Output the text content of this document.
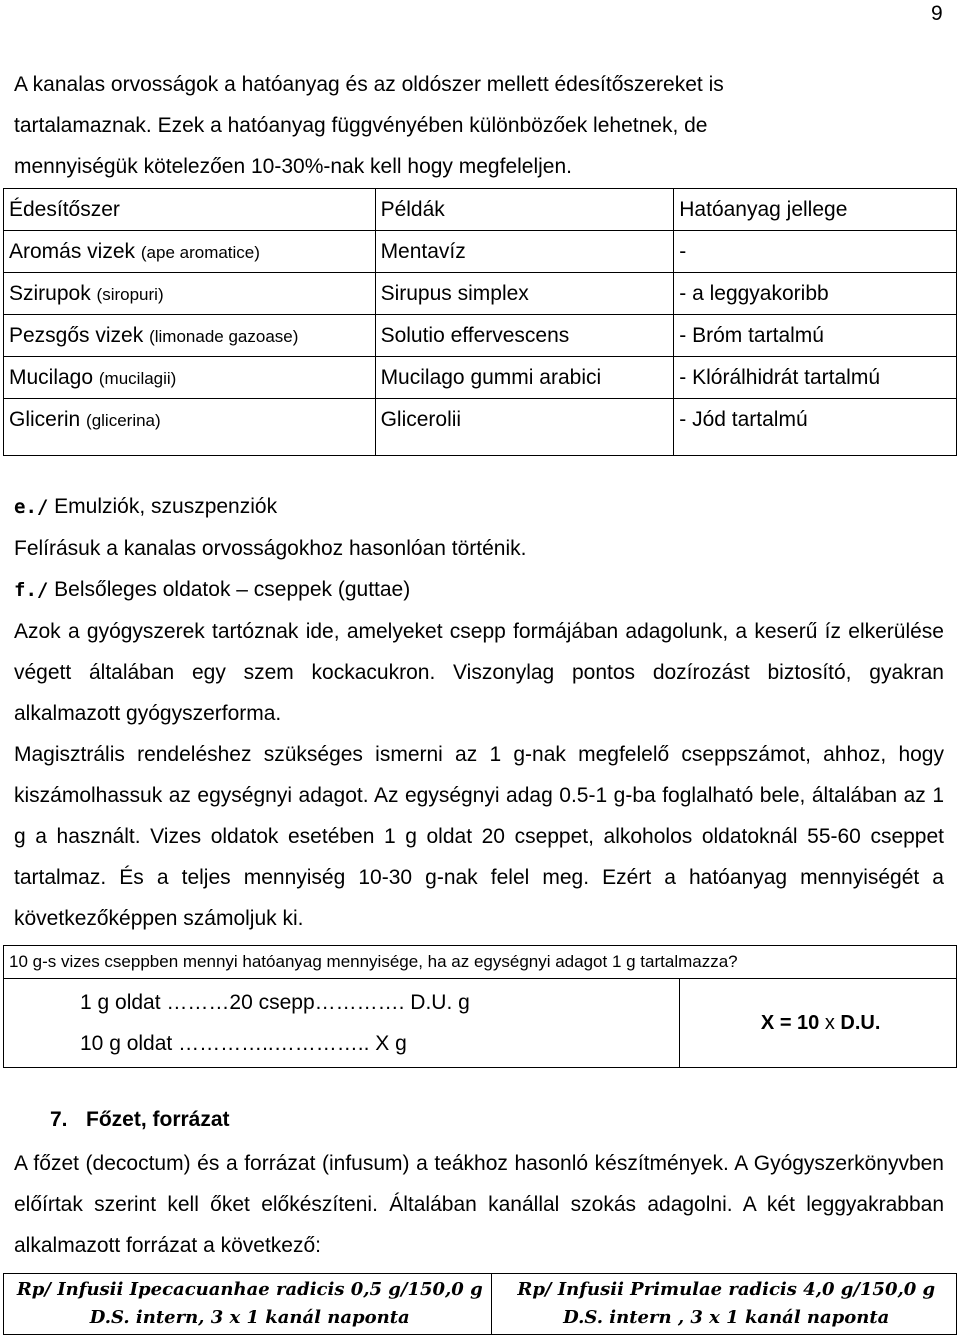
9
A kanalas orvosságok a hatóanyag és az oldószer mellett édesítőszereket is
tartalamaznak. Ezek a hatóanyag függvényében különbözőek lehetnek, de
mennyiségük kötelezően 10-30%-nak kell hogy megfeleljen.
Édesítőszer	Példák	Hatóanyag jellege
Aromás vizek (ape aromatice)	Mentavíz	-
Szirupok (siropuri)	Sirupus simplex	- a leggyakoribb
Pezsgős vizek (limonade gazoase)	Solutio effervescens	- Bróm tartalmú
Mucilago (mucilagii)	Mucilago gummi arabici	- Klórálhidrát tartalmú
Glicerin (glicerina)	Glicerolii	- Jód tartalmú
e./ Emulziók, szuszpenziók
Felírásuk a kanalas orvosságokhoz hasonlóan történik.
f./ Belsőleges oldatok – cseppek (guttae)
Azok a gyógyszerek tartóznak ide, amelyeket csepp formájában adagolunk, a keserű íz elkerülése végett általában egy szem kockacukron. Viszonylag pontos dozírozást biztosító, gyakran alkalmazott gyógyszerforma.
Magisztrális rendeléshez szükséges ismerni az 1 g-nak megfelelő cseppszámot, ahhoz, hogy kiszámolhassuk az egységnyi adagot. Az egységnyi adag 0.5-1 g-ba foglalható bele, általában az 1 g a használt. Vizes oldatok esetében 1 g oldat 20 cseppet, alkoholos oldatoknál 55-60 cseppet tartalmaz. És a teljes mennyiség 10-30 g-nak felel meg. Ezért a hatóanyag mennyiségét a következőképpen számoljuk ki.
10 g-s vizes cseppben mennyi hatóanyag mennyisége, ha az egységnyi adagot 1 g tartalmazza?

1 g oldat ………20 csepp…………. D.U. g
10 g oldat …………..………….. X g
	X = 10 x D.U.
7. Főzet, forrázat
A főzet (decoctum) és a forrázat (infusum) a teákhoz hasonló készítmények. A Gyógyszerkönyvben előírtak szerint kell őket előkészíteni. Általában kanállal szokás adagolni. A két leggyakrabban alkalmazott forrázat a következő:
Rp/ Infusii Ipecacuanhae radicis 0,5 g/150,0 g
D.S. intern, 3 x 1 kanál naponta

Rp/ Infusii Primulae radicis 4,0 g/150,0 g
D.S. intern , 3 x 1 kanál naponta
